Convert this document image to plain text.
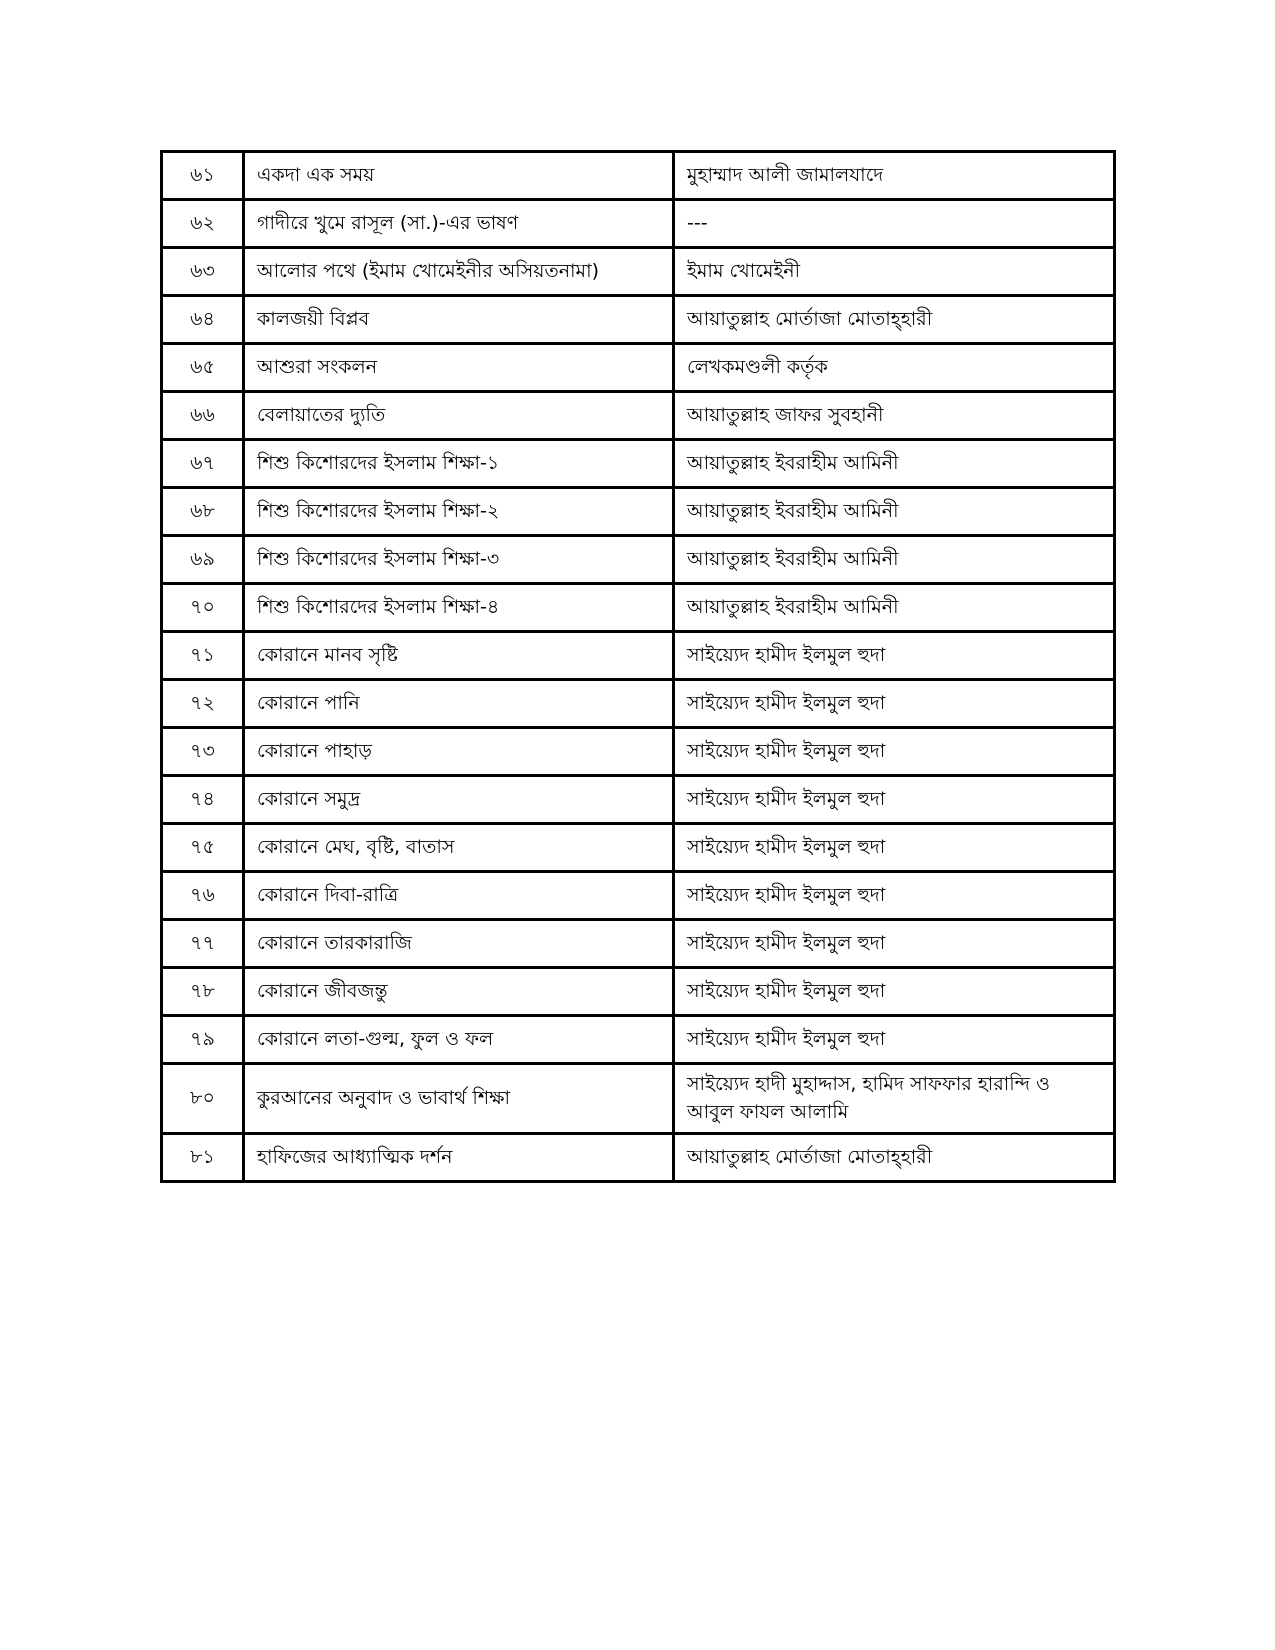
৬১	একদা এক সময়	মুহাম্মাদ আলী জামালযাদে
৬২	গাদীরে খুমে রাসূল (সা.)-এর ভাষণ	---
৬৩	আলোর পথে (ইমাম খোমেইনীর অসিয়তনামা)	ইমাম খোমেইনী
৬৪	কালজয়ী বিপ্লব	আয়াতুল্লাহ মোর্তাজা মোতাহ্হারী
৬৫	আশুরা সংকলন	লেখকমণ্ডলী কর্তৃক
৬৬	বেলায়াতের দ্যুতি	আয়াতুল্লাহ জাফর সুবহানী
৬৭	শিশু কিশোরদের ইসলাম শিক্ষা-১	আয়াতুল্লাহ ইবরাহীম আমিনী
৬৮	শিশু কিশোরদের ইসলাম শিক্ষা-২	আয়াতুল্লাহ ইবরাহীম আমিনী
৬৯	শিশু কিশোরদের ইসলাম শিক্ষা-৩	আয়াতুল্লাহ ইবরাহীম আমিনী
৭০	শিশু কিশোরদের ইসলাম শিক্ষা-৪	আয়াতুল্লাহ ইবরাহীম আমিনী
৭১	কোরানে মানব সৃষ্টি	সাইয়্যেদ হামীদ ইলমুল হুদা
৭২	কোরানে পানি	সাইয়্যেদ হামীদ ইলমুল হুদা
৭৩	কোরানে পাহাড়	সাইয়্যেদ হামীদ ইলমুল হুদা
৭৪	কোরানে সমুদ্র	সাইয়্যেদ হামীদ ইলমুল হুদা
৭৫	কোরানে মেঘ, বৃষ্টি, বাতাস	সাইয়্যেদ হামীদ ইলমুল হুদা
৭৬	কোরানে দিবা-রাত্রি	সাইয়্যেদ হামীদ ইলমুল হুদা
৭৭	কোরানে তারকারাজি	সাইয়্যেদ হামীদ ইলমুল হুদা
৭৮	কোরানে জীবজন্তু	সাইয়্যেদ হামীদ ইলমুল হুদা
৭৯	কোরানে লতা-গুল্ম, ফুল ও ফল	সাইয়্যেদ হামীদ ইলমুল হুদা
৮০	কুরআনের অনুবাদ ও ভাবার্থ শিক্ষা	সাইয়্যেদ হাদী মুহাদ্দাস, হামিদ সাফফার হারান্দি ও আবুল ফাযল আলামি
৮১	হাফিজের আধ্যাত্মিক দর্শন	আয়াতুল্লাহ মোর্তাজা মোতাহ্হারী
